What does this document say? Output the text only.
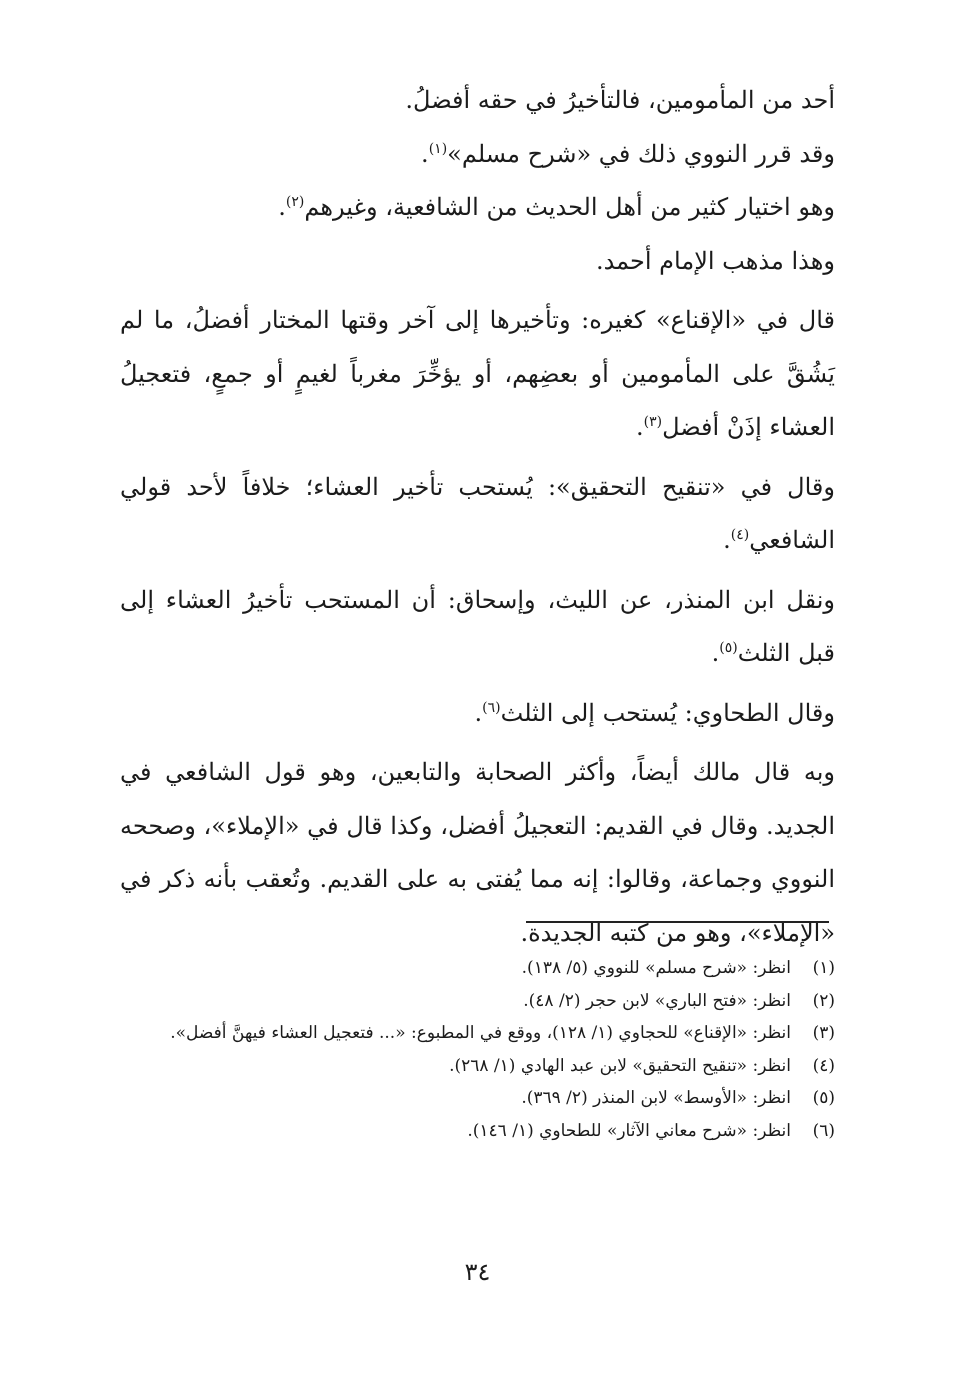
أحد من المأمومين، فالتأخيرُ في حقه أفضلُ.

وقد قرر النووي ذلك في «شرح مسلم»$^{(١)}$.

وهو اختيار كثير من أهل الحديث من الشافعية، وغيرهم$^{(٢)}$.

وهذا مذهب الإمام أحمد.

قال في «الإقناع» كغيره: وتأخيرها إلى آخر وقتها المختار أفضلُ، ما لم يَشُقَّ على المأمومين أو بعضِهم، أو يؤخِّرَ مغرباً لغيمٍ أو جمعٍ، فتعجيلُ العشاء إذَنْ أفضل$^{(٣)}$.

وقال في «تنقيح التحقيق»: يُستحب تأخير العشاء؛ خلافاً لأحد قولي الشافعي$^{(٤)}$.

ونقل ابن المنذر، عن الليث، وإسحاق: أن المستحب تأخيرُ العشاء إلى قبل الثلث$^{(٥)}$.

وقال الطحاوي: يُستحب إلى الثلث$^{(٦)}$.

وبه قال مالك أيضاً، وأكثر الصحابة والتابعين، وهو قول الشافعي في الجديد. وقال في القديم: التعجيلُ أفضل، وكذا قال في «الإملاء»، وصححه النووي وجماعة، وقالوا: إنه مما يُفتى به على القديم. وتُعقب بأنه ذكر في «الإملاء»، وهو من كتبه الجديدة.

(١)
انظر: «شرح مسلم» للنووي (٥/ ١٣٨).
(٢)
انظر: «فتح الباري» لابن حجر (٢/ ٤٨).
(٣)
انظر: «الإقناع» للحجاوي (١/ ١٢٨)، ووقع في المطبوع: «... فتعجيل العشاء فيهنَّ أفضل».
(٤)
انظر: «تنقيح التحقيق» لابن عبد الهادي (١/ ٢٦٨).
(٥)
انظر: «الأوسط» لابن المنذر (٢/ ٣٦٩).
(٦)
انظر: «شرح معاني الآثار» للطحاوي (١/ ١٤٦).
٣٤
